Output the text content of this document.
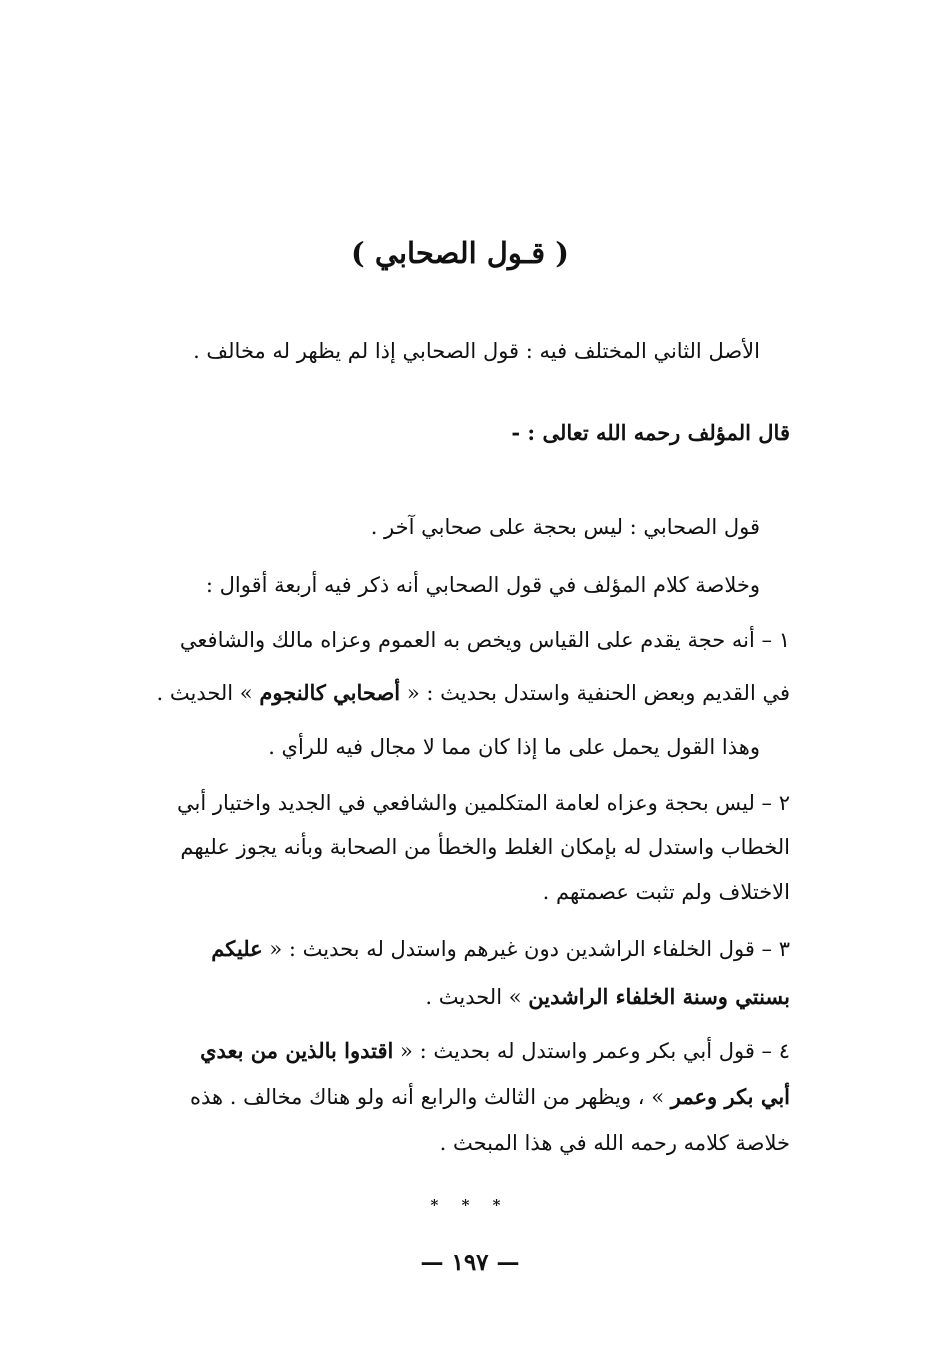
( قـول الصحابي )
الأصل الثاني المختلف فيه : قول الصحابي إذا لم يظهر له مخالف .
قال المؤلف رحمه الله تعالى : -
قول الصحابي : ليس بحجة على صحابي آخر .
وخلاصة كلام المؤلف في قول الصحابي أنه ذكر فيه أربعة أقوال :
١ – أنه حجة يقدم على القياس ويخص به العموم وعزاه مالك والشافعي
في القديم وبعض الحنفية واستدل بحديث : « أصحابي كالنجوم » الحديث .
وهذا القول يحمل على ما إذا كان مما لا مجال فيه للرأي .
٢ – ليس بحجة وعزاه لعامة المتكلمين والشافعي في الجديد واختيار أبي
الخطاب واستدل له بإمكان الغلط والخطأ من الصحابة وبأنه يجوز عليهم
الاختلاف ولم تثبت عصمتهم .
٣ – قول الخلفاء الراشدين دون غيرهم واستدل له بحديث : « عليكم
بسنتي وسنة الخلفاء الراشدين » الحديث .
٤ – قول أبي بكر وعمر واستدل له بحديث : « اقتدوا بالذين من بعدي
أبي بكر وعمر » ، ويظهر من الثالث والرابع أنه ولو هناك مخالف . هذه
خلاصة كلامه رحمه الله في هذا المبحث .
* * *
— ١٩٧ —
